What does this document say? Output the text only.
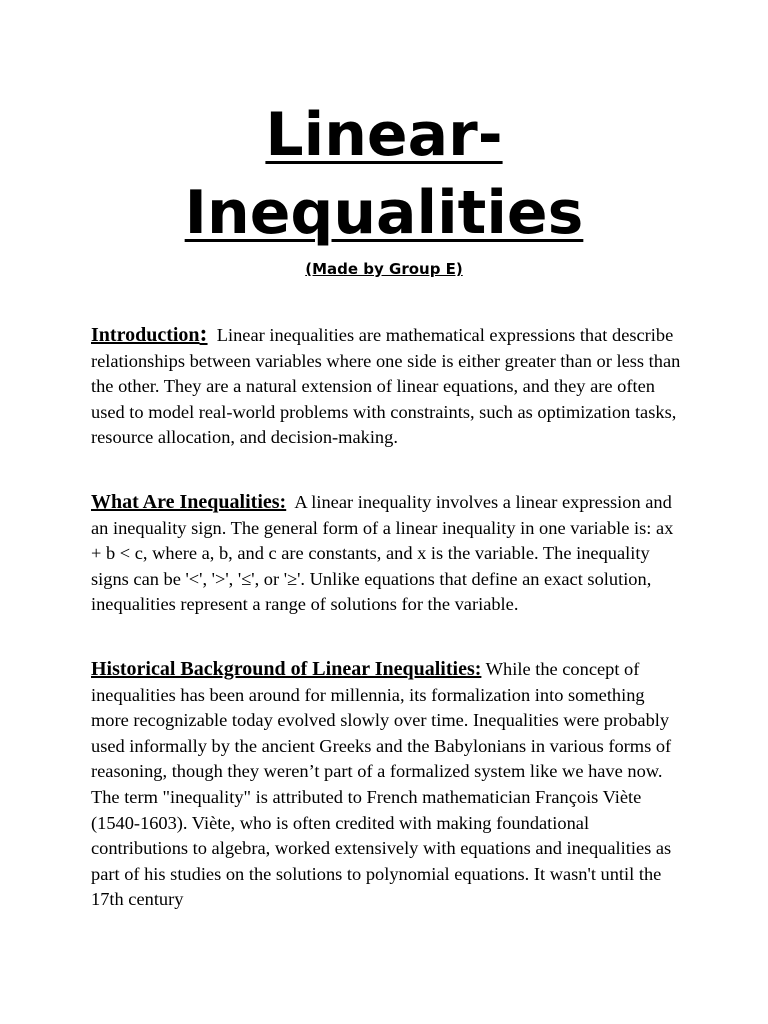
Linear-
Inequalities
(Made by Group E)

Introduction: Linear inequalities are mathematical expressions that describe relationships between variables where one side is either greater than or less than the other. They are a natural extension of linear equations, and they are often used to model real-world problems with constraints, such as optimization tasks, resource allocation, and decision-making.

What Are Inequalities: A linear inequality involves a linear expression and an inequality sign. The general form of a linear inequality in one variable is: ax + b < c, where a, b, and c are constants, and x is the variable. The inequality signs can be '<', '>', '≤', or '≥'. Unlike equations that define an exact solution, inequalities represent a range of solutions for the variable.

Historical Background of Linear Inequalities: While the concept of inequalities has been around for millennia, its formalization into something more recognizable today evolved slowly over time. Inequalities were probably used informally by the ancient Greeks and the Babylonians in various forms of reasoning, though they weren’t part of a formalized system like we have now. The term "inequality" is attributed to French mathematician François Viète (1540-1603). Viète, who is often credited with making foundational contributions to algebra, worked extensively with equations and inequalities as part of his studies on the solutions to polynomial equations. It wasn't until the 17th century
